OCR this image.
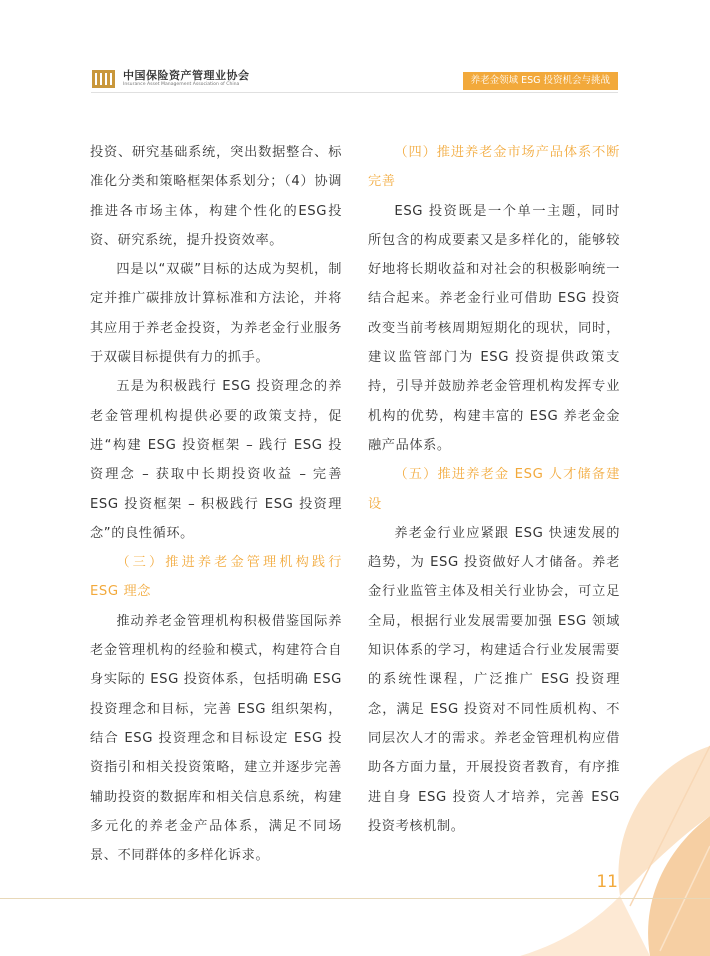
中国保险资产管理业协会
Insurance Asset Management Association of China	养老金领域 ESG 投资机会与挑战

投资、研究基础系统，突出数据整合、标准化分类和策略框架体系划分；（4）协调推进各市场主体，构建个性化的ESG投资、研究系统，提升投资效率。

四是以“双碳”目标的达成为契机，制定并推广碳排放计算标准和方法论，并将其应用于养老金投资，为养老金行业服务于双碳目标提供有力的抓手。

五是为积极践行 ESG 投资理念的养老金管理机构提供必要的政策支持，促进“构建 ESG 投资框架 – 践行 ESG 投资理念 – 获取中长期投资收益 – 完善 ESG 投资框架 – 积极践行 ESG 投资理念”的良性循环。

（三）推进养老金管理机构践行 ESG 理念

推动养老金管理机构积极借鉴国际养老金管理机构的经验和模式，构建符合自身实际的 ESG 投资体系，包括明确 ESG 投资理念和目标，完善 ESG 组织架构，结合 ESG 投资理念和目标设定 ESG 投资指引和相关投资策略，建立并逐步完善辅助投资的数据库和相关信息系统，构建多元化的养老金产品体系，满足不同场景、不同群体的多样化诉求。

（四）推进养老金市场产品体系不断完善

ESG 投资既是一个单一主题，同时所包含的构成要素又是多样化的，能够较好地将长期收益和对社会的积极影响统一结合起来。养老金行业可借助 ESG 投资改变当前考核周期短期化的现状，同时，建议监管部门为 ESG 投资提供政策支持，引导并鼓励养老金管理机构发挥专业机构的优势，构建丰富的 ESG 养老金金融产品体系。

（五）推进养老金 ESG 人才储备建设

养老金行业应紧跟 ESG 快速发展的趋势，为 ESG 投资做好人才储备。养老金行业监管主体及相关行业协会，可立足全局，根据行业发展需要加强 ESG 领域知识体系的学习，构建适合行业发展需要的系统性课程，广泛推广 ESG 投资理念，满足 ESG 投资对不同性质机构、不同层次人才的需求。养老金管理机构应借助各方面力量，开展投资者教育，有序推进自身 ESG 投资人才培养，完善 ESG 投资考核机制。

11
